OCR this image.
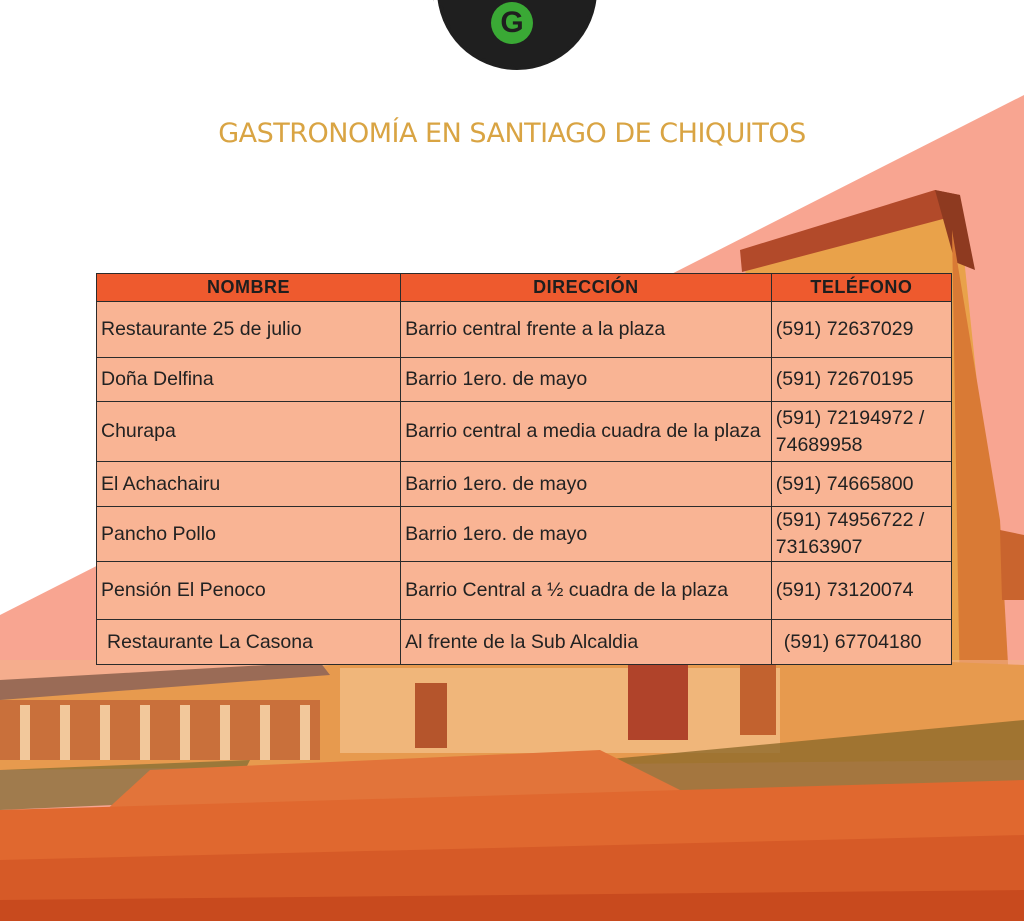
G
GASTRONOMÍA EN SANTIAGO DE CHIQUITOS
NOMBRE	DIRECCIÓN	TELÉFONO
Restaurante 25 de julio	Barrio central frente a la plaza	(591) 72637029
Doña Delfina	Barrio 1ero. de mayo	(591) 72670195
Churapa	Barrio central a media cuadra de la plaza	(591) 72194972 / 74689958
El Achachairu	Barrio 1ero. de mayo	(591) 74665800
Pancho Pollo	Barrio 1ero. de mayo	(591) 74956722 / 73163907
Pensión El Penoco	Barrio Central a ½ cuadra de la plaza	(591) 73120074
Restaurante La Casona	Al frente de la Sub Alcaldia	(591) 67704180
